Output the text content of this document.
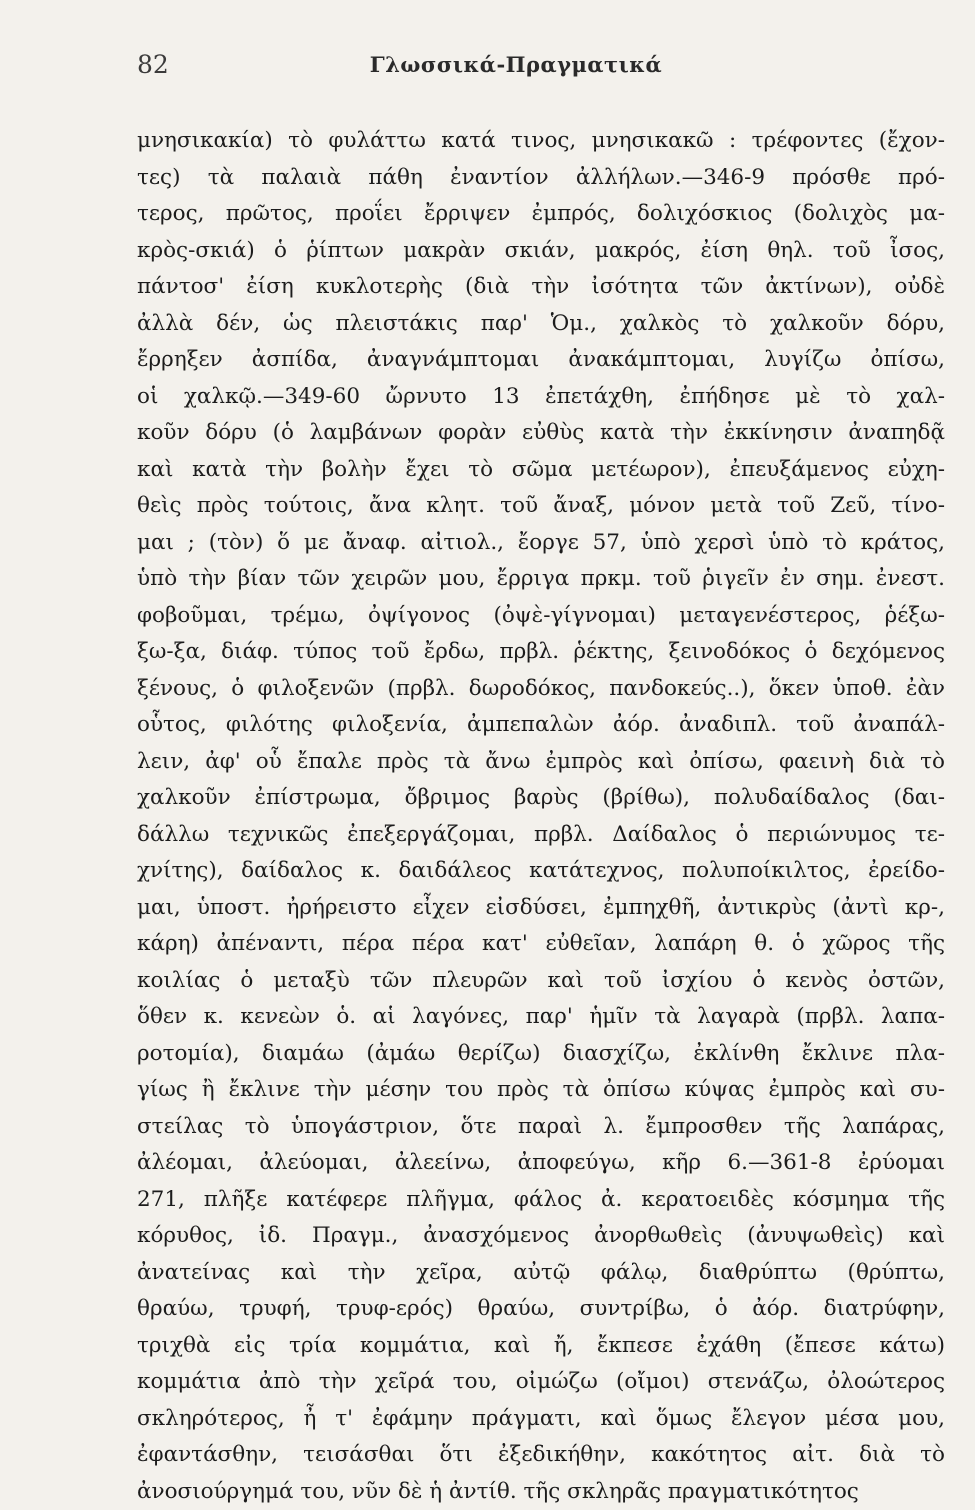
82	Γλωσσικά-Πραγματικά
μνησικακία) τὸ φυλάττω κατά τινος, μνησικακῶ : τρέφοντες (ἔχον-
τες) τὰ παλαιὰ πάθη ἐναντίον ἀλλήλων.—346-9 πρόσθε πρό-
τερος, πρῶτος, προΐει ἔρριψεν ἐμπρός, δολιχόσκιος (δολιχὸς μα-
κρὸς-σκιά) ὁ ῥίπτων μακρὰν σκιάν, μακρός, ἐίση θηλ. τοῦ ἶσος,
πάντοσ' ἐίση κυκλοτερὴς (διὰ τὴν ἰσότητα τῶν ἀκτίνων), οὐδὲ
ἀλλὰ δέν, ὡς πλειστάκις παρ' Ὁμ., χαλκὸς τὸ χαλκοῦν δόρυ,
ἔρρηξεν ἀσπίδα, ἀναγνάμπτομαι ἀνακάμπτομαι, λυγίζω ὀπίσω,
οἱ χαλκῷ.—349-60 ὤρνυτο 13 ἐπετάχθη, ἐπήδησε μὲ τὸ χαλ-
κοῦν δόρυ (ὁ λαμβάνων φορὰν εὐθὺς κατὰ τὴν ἐκκίνησιν ἀναπηδᾷ
καὶ κατὰ τὴν βολὴν ἔχει τὸ σῶμα μετέωρον), ἐπευξάμενος εὐχη-
θεὶς πρὸς τούτοις, ἄνα κλητ. τοῦ ἄναξ, μόνον μετὰ τοῦ Ζεῦ, τίνο-
μαι ; (τὸν) ὅ με ἄναφ. αἰτιολ., ἔοργε 57, ὑπὸ χερσὶ ὑπὸ τὸ κράτος,
ὑπὸ τὴν βίαν τῶν χειρῶν μου, ἔρριγα πρκμ. τοῦ ῥιγεῖν ἐν σημ. ἐνεστ.
φοβοῦμαι, τρέμω, ὀψίγονος (ὀψὲ-γίγνομαι) μεταγενέστερος, ῥέξω-
ξω-ξα, διάφ. τύπος τοῦ ἔρδω, πρβλ. ῥέκτης, ξεινοδόκος ὁ δεχόμενος
ξένους, ὁ φιλοξενῶν (πρβλ. δωροδόκος, πανδοκεύς..), ὅκεν ὑποθ. ἐὰν
οὗτος, φιλότης φιλοξενία, ἀμπεπαλὼν ἀόρ. ἀναδιπλ. τοῦ ἀναπάλ-
λειν, ἀφ' οὗ ἔπαλε πρὸς τὰ ἄνω ἐμπρὸς καὶ ὀπίσω, φαεινὴ διὰ τὸ
χαλκοῦν ἐπίστρωμα, ὄβριμος βαρὺς (βρίθω), πολυδαίδαλος (δαι-
δάλλω τεχνικῶς ἐπεξεργάζομαι, πρβλ. Δαίδαλος ὁ περιώνυμος τε-
χνίτης), δαίδαλος κ. δαιδάλεος κατάτεχνος, πολυποίκιλτος, ἐρείδο-
μαι, ὑποστ. ἠρήρειστο εἶχεν εἰσδύσει, ἐμπηχθῆ, ἀντικρὺς (ἀντὶ κρ-,
κάρη) ἀπέναντι, πέρα πέρα κατ' εὐθεῖαν, λαπάρη θ. ὁ χῶρος τῆς
κοιλίας ὁ μεταξὺ τῶν πλευρῶν καὶ τοῦ ἰσχίου ὁ κενὸς ὀστῶν,
ὅθεν κ. κενεὼν ὁ. αἱ λαγόνες, παρ' ἡμῖν τὰ λαγαρὰ (πρβλ. λαπα-
ροτομία), διαμάω (ἀμάω θερίζω) διασχίζω, ἐκλίνθη ἔκλινε πλα-
γίως ἢ ἔκλινε τὴν μέσην του πρὸς τὰ ὀπίσω κύψας ἐμπρὸς καὶ συ-
στείλας τὸ ὑπογάστριον, ὅτε παραὶ λ. ἔμπροσθεν τῆς λαπάρας,
ἀλέομαι, ἀλεύομαι, ἀλεείνω, ἀποφεύγω, κῆρ 6.—361-8 ἐρύομαι
271, πλῆξε κατέφερε πλῆγμα, φάλος ἀ. κερατοειδὲς κόσμημα τῆς
κόρυθος, ἰδ. Πραγμ., ἀνασχόμενος ἀνορθωθεὶς (ἀνυψωθεὶς) καὶ
ἀνατείνας καὶ τὴν χεῖρα, αὐτῷ φάλῳ, διαθρύπτω (θρύπτω,
θραύω, τρυφή, τρυφ-ερός) θραύω, συντρίβω, ὁ ἀόρ. διατρύφην,
τριχθὰ εἰς τρία κομμάτια, καὶ ἤ, ἔκπεσε ἐχάθη (ἔπεσε κάτω)
κομμάτια ἀπὸ τὴν χεῖρά του, οἰμώζω (οἴμοι) στενάζω, ὀλοώτερος
σκληρότερος, ἦ τ' ἐφάμην πράγματι, καὶ ὅμως ἔλεγον μέσα μου,
ἐφαντάσθην, τεισάσθαι ὅτι ἐξεδικήθην, κακότητος αἰτ. διὰ τὸ
ἀνοσιούργημά του, νῦν δὲ ἡ ἀντίθ. τῆς σκληρᾶς πραγματικότητος
